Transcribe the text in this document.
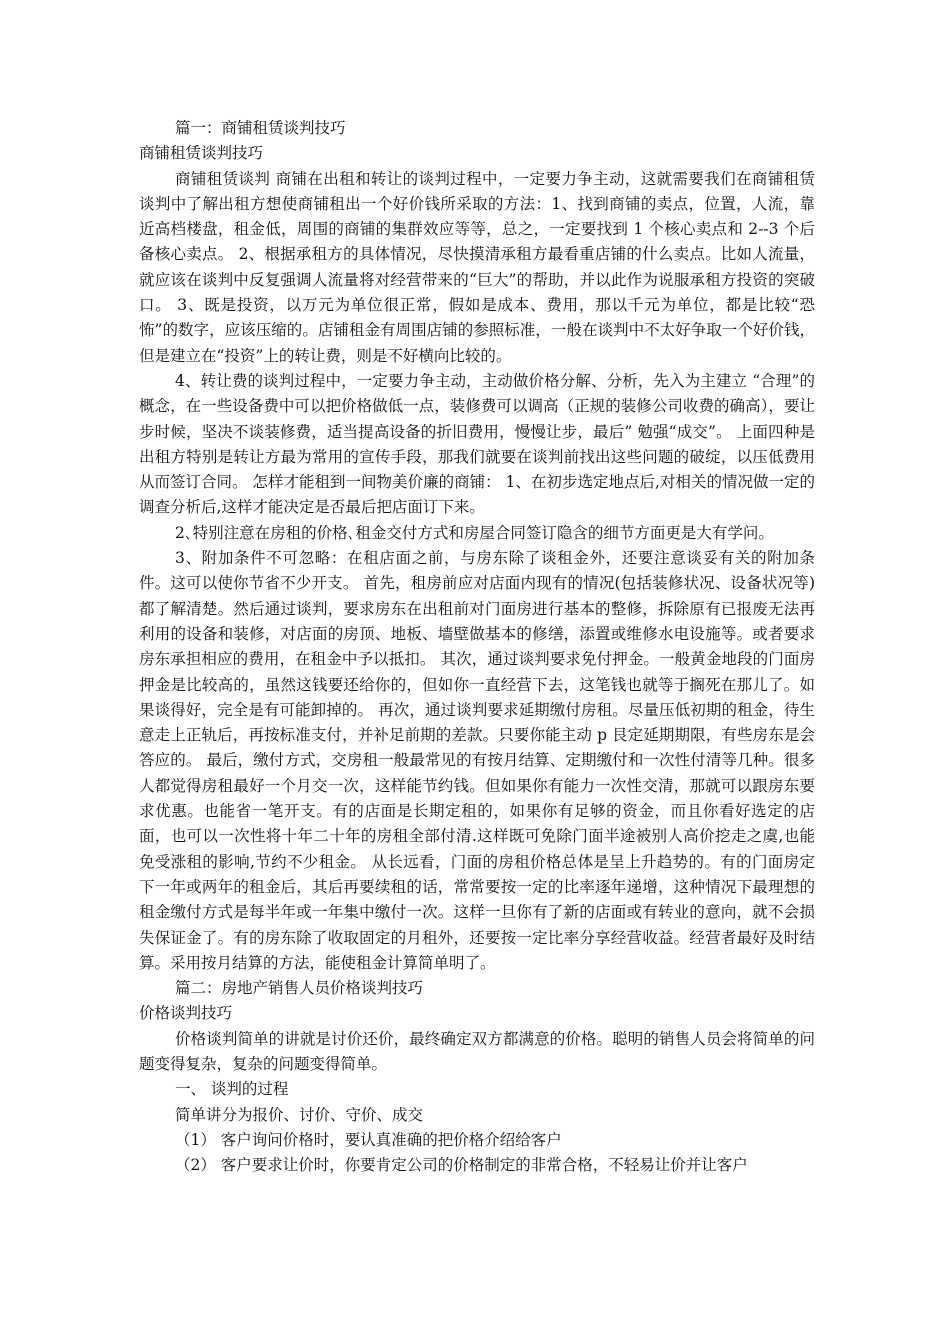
篇一：商铺租赁谈判技巧

商铺租赁谈判技巧

商铺租赁谈判 商铺在出租和转让的谈判过程中，一定要力争主动，这就需要我们在商铺租赁谈判中了解出租方想使商铺租出一个好价钱所采取的方法：1、找到商铺的卖点，位置，人流，靠近高档楼盘，租金低，周围的商铺的集群效应等等，总之，一定要找到 1 个核心卖点和 2--3 个后备核心卖点。 2、根据承租方的具体情况，尽快摸清承租方最看重店铺的什么卖点。比如人流量，就应该在谈判中反复强调人流量将对经营带来的“巨大”的帮助，并以此作为说服承租方投资的突破口。 3、既是投资，以万元为单位很正常，假如是成本、费用，那以千元为单位，都是比较“恐怖”的数字，应该压缩的。店铺租金有周围店铺的参照标准，一般在谈判中不太好争取一个好价钱，但是建立在“投资”上的转让费，则是不好横向比较的。

4、转让费的谈判过程中，一定要力争主动，主动做价格分解、分析，先入为主建立 “合理”的概念，在一些设备费中可以把价格做低一点，装修费可以调高（正规的装修公司收费的确高），要让步时候，坚决不谈装修费，适当提高设备的折旧费用，慢慢让步，最后” 勉强“成交”。 上面四种是出租方特别是转让方最为常用的宣传手段，那我们就要在谈判前找出这些问题的破绽，以压低费用从而签订合同。 怎样才能租到一间物美价廉的商铺： 1、在初步选定地点后,对相关的情况做一定的调查分析后,这样才能决定是否最后把店面订下来。

2､特别注意在房租的价格､租金交付方式和房屋合同签订隐含的细节方面更是大有学问。

3、附加条件不可忽略：在租店面之前，与房东除了谈租金外，还要注意谈妥有关的附加条件。这可以使你节省不少开支。 首先，租房前应对店面内现有的情况(包括装修状况、设备状况等)都了解清楚。然后通过谈判，要求房东在出租前对门面房进行基本的整修，拆除原有已报废无法再利用的设备和装修，对店面的房顶、地板、墙壁做基本的修缮，添置或维修水电设施等。或者要求房东承担相应的费用，在租金中予以抵扣。 其次，通过谈判要求免付押金。一般黄金地段的门面房押金是比较高的，虽然这钱要还给你的，但如你一直经营下去，这笔钱也就等于搁死在那儿了。如果谈得好，完全是有可能卸掉的。 再次，通过谈判要求延期缴付房租。尽量压低初期的租金，待生意走上正轨后，再按标准支付，并补足前期的差款。只要你能主动 p 艮定延期期限，有些房东是会答应的。 最后，缴付方式，交房租一般最常见的有按月结算、定期缴付和一次性付清等几种。很多人都觉得房租最好一个月交一次，这样能节约钱。但如果你有能力一次性交清，那就可以跟房东要求优惠。也能省一笔开支。有的店面是长期定租的，如果你有足够的资金，而且你看好选定的店面，也可以一次性将十年二十年的房租全部付清.这样既可免除门面半途被别人高价挖走之虞,也能免受涨租的影响,节约不少租金。 从长远看，门面的房租价格总体是呈上升趋势的。有的门面房定下一年或两年的租金后，其后再要续租的话，常常要按一定的比率逐年递增，这种情况下最理想的租金缴付方式是每半年或一年集中缴付一次。这样一旦你有了新的店面或有转业的意向，就不会损失保证金了。有的房东除了收取固定的月租外，还要按一定比率分享经营收益。经营者最好及时结算。采用按月结算的方法，能使租金计算简单明了。

篇二：房地产销售人员价格谈判技巧

价格谈判技巧

价格谈判简单的讲就是讨价还价，最终确定双方都满意的价格。聪明的销售人员会将简单的问题变得复杂，复杂的问题变得简单。

一、 谈判的过程

简单讲分为报价、讨价、守价、成交

（1） 客户询问价格时，要认真准确的把价格介绍给客户

（2） 客户要求让价时，你要肯定公司的价格制定的非常合格，不轻易让价并让客户
